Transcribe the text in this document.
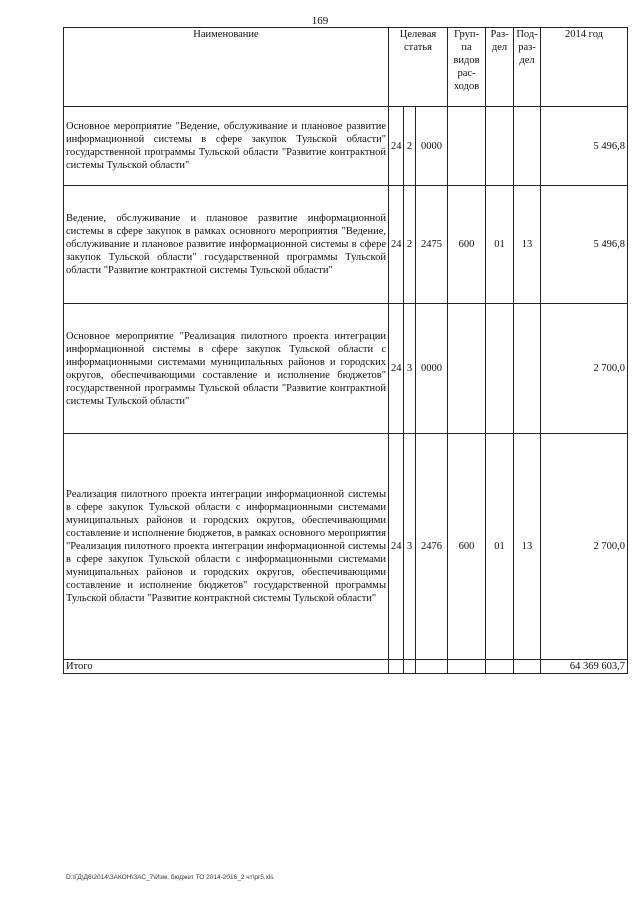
169
Наименование	Целевая статья			Груп- па видов рас- ходов	Раз- дел	Под- раз- дел	2014 год
Основное мероприятие "Ведение, обслуживание и плановое развитие информационной системы в сфере закупок Тульской области" государственной программы Тульской области "Развитие контрактной системы Тульской области"	24	2	0000				5 496,8
Ведение, обслуживание и плановое развитие информационной системы в сфере закупок в рамках основного мероприятия "Ведение, обслуживание и плановое развитие информационной системы в сфере закупок Тульской области" государственной программы Тульской области "Развитие контрактной системы Тульской области"	24	2	2475	600	01	13	5 496,8
Основное мероприятие "Реализация пилотного проекта интеграции информационной системы в сфере закупок Тульской области с информационными системами муниципальных районов и городских округов, обеспечивающими составление и исполнение бюджетов" государственной программы Тульской области "Развитие контрактной системы Тульской области"	24	3	0000				2 700,0
Реализация пилотного проекта интеграции информационной системы в сфере закупок Тульской области с информационными системами муниципальных районов и городских округов, обеспечивающими составление и исполнение бюджетов, в рамках основного мероприятия "Реализация пилотного проекта интеграции информационной системы в сфере закупок Тульской области с информационными системами муниципальных районов и городских округов, обеспечивающими составление и исполнение бюджетов" государственной программы Тульской области "Развитие контрактной системы Тульской области"	24	3	2476	600	01	13	2 700,0
Итого							64 369 603,7
D:\ГД\Д6\2014\ЗАКОН\ЗАС_7\Изм. бюджет ТО 2014-2016_2 чт\pr5.xls
